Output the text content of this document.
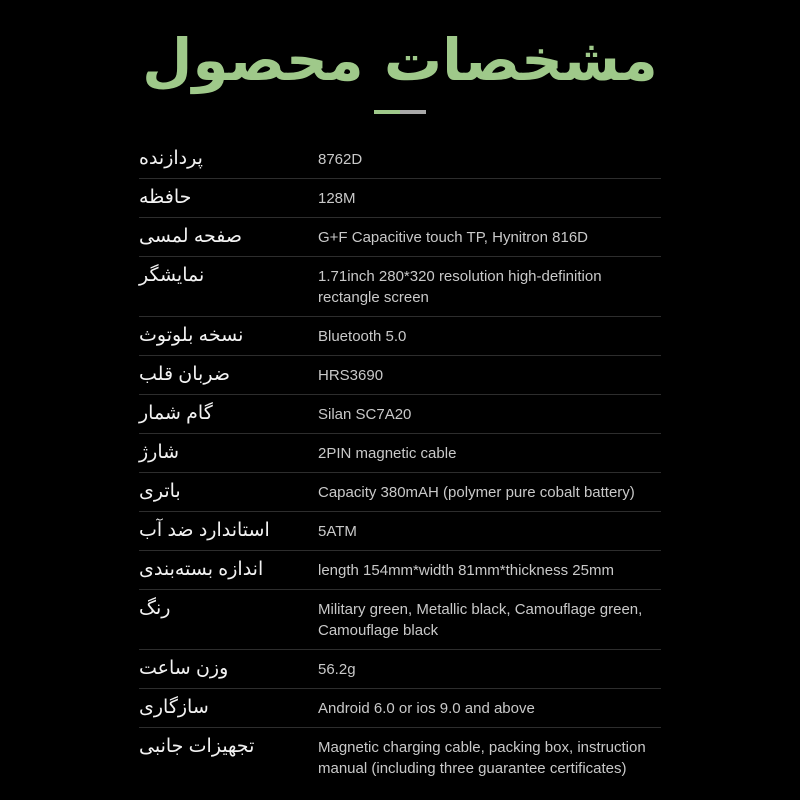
مشخصات محصول
پردازنده	8762D
حافظه	128M
صفحه لمسی	G+F Capacitive touch TP, Hynitron 816D
نمایشگر	1.71inch 280*320 resolution high-definition rectangle screen
نسخه بلوتوث	Bluetooth 5.0
ضربان قلب	HRS3690
گام شمار	Silan SC7A20
شارژ	2PIN magnetic cable
باتری	Capacity 380mAH (polymer pure cobalt battery)
استاندارد ضد آب	5ATM
اندازه بسته‌بندی	length 154mm*width 81mm*thickness 25mm
رنگ	Military green, Metallic black, Camouflage green, Camouflage black
وزن ساعت	56.2g
سازگاری	Android 6.0 or ios 9.0 and above
تجهیزات جانبی	Magnetic charging cable, packing box, instruction manual (including three guarantee certificates)
